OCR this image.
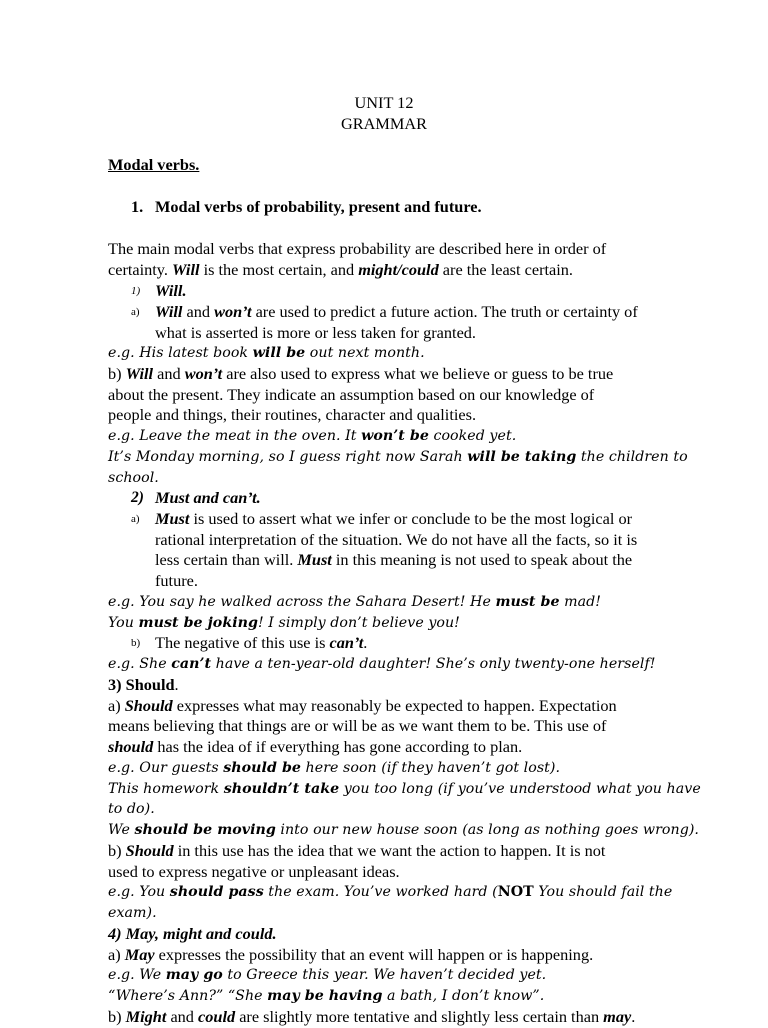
UNIT 12
GRAMMAR
Modal verbs.
1. Modal verbs of probability, present and future.
The main modal verbs that express probability are described here in order of
certainty. Will is the most certain, and might/could are the least certain.
1) Will.
a) Will and won’t are used to predict a future action. The truth or certainty of
what is asserted is more or less taken for granted.
e.g. His latest book will be out next month.
b) Will and won’t are also used to express what we believe or guess to be true
about the present. They indicate an assumption based on our knowledge of
people and things, their routines, character and qualities.
e.g. Leave the meat in the oven. It won’t be cooked yet.
It’s Monday morning, so I guess right now Sarah will be taking the children to
school.
2) Must and can’t.
a) Must is used to assert what we infer or conclude to be the most logical or
rational interpretation of the situation. We do not have all the facts, so it is
less certain than will. Must in this meaning is not used to speak about the
future.
e.g. You say he walked across the Sahara Desert! He must be mad!
You must be joking! I simply don’t believe you!
b) The negative of this use is can’t.
e.g. She can’t have a ten-year-old daughter! She’s only twenty-one herself!
3) Should.
a) Should expresses what may reasonably be expected to happen. Expectation
means believing that things are or will be as we want them to be. This use of
should has the idea of if everything has gone according to plan.
e.g. Our guests should be here soon (if they haven’t got lost).
This homework shouldn’t take you too long (if you’ve understood what you have
to do).
We should be moving into our new house soon (as long as nothing goes wrong).
b) Should in this use has the idea that we want the action to happen. It is not
used to express negative or unpleasant ideas.
e.g. You should pass the exam. You’ve worked hard (NOT You should fail the
exam).
4) May, might and could.
a) May expresses the possibility that an event will happen or is happening.
e.g. We may go to Greece this year. We haven’t decided yet.
“Where’s Ann?” “She may be having a bath, I don’t know”.
b) Might and could are slightly more tentative and slightly less certain than may.
